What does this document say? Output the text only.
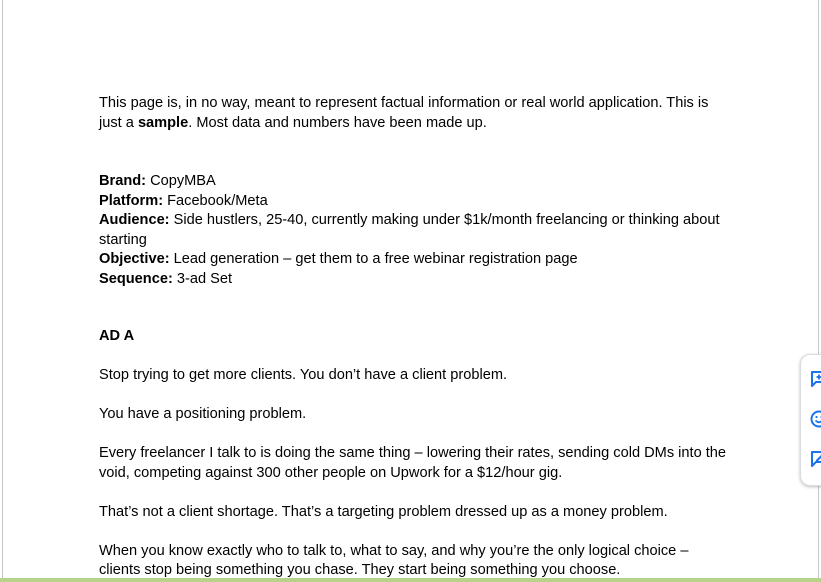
This page is, in no way, meant to represent factual information or real world application. This is just a sample. Most data and numbers have been made up.

Brand: CopyMBA

Platform: Facebook/Meta

Audience: Side hustlers, 25-40, currently making under $1k/month freelancing or thinking about starting

Objective: Lead generation – get them to a free webinar registration page

Sequence: 3-ad Set

AD A

Stop trying to get more clients. You don’t have a client problem.

You have a positioning problem.

Every freelancer I talk to is doing the same thing – lowering their rates, sending cold DMs into the void, competing against 300 other people on Upwork for a $12/hour gig.

That’s not a client shortage. That’s a targeting problem dressed up as a money problem.

When you know exactly who to talk to, what to say, and why you’re the only logical choice – clients stop being something you chase. They start being something you choose.
